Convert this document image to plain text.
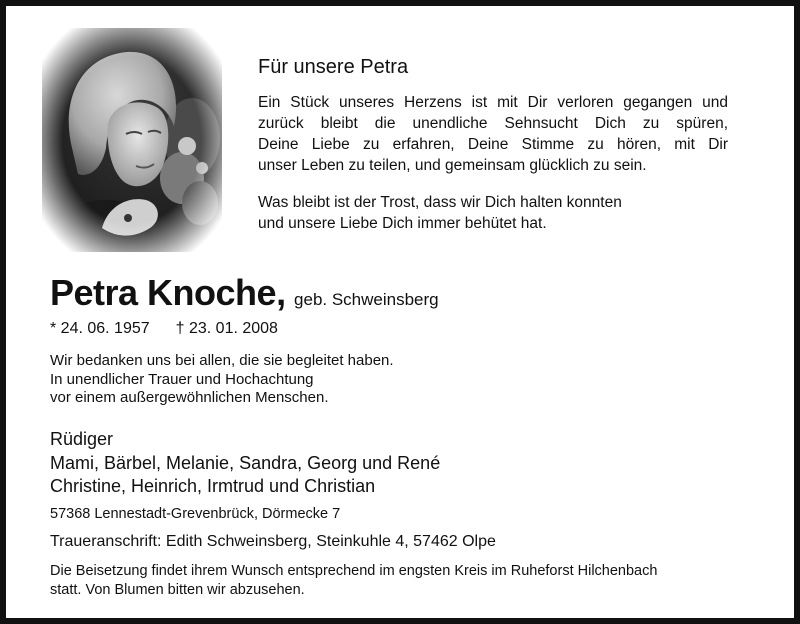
Für unsere Petra

Ein Stück unseres Herzens ist mit Dir verloren gegangen und

zurück bleibt die unendliche Sehnsucht Dich zu spüren,

Deine Liebe zu erfahren, Deine Stimme zu hören, mit Dir

unser Leben zu teilen, und gemeinsam glücklich zu sein.

Was bleibt ist der Trost, dass wir Dich halten konnten

und unsere Liebe Dich immer behütet hat.

Petra Knoche, geb. Schweinsberg
* 24. 06. 1957 † 23. 01. 2008
Wir bedanken uns bei allen, die sie begleitet haben.
In unendlicher Trauer und Hochachtung
vor einem außergewöhnlichen Menschen.
Rüdiger
Mami, Bärbel, Melanie, Sandra, Georg und René
Christine, Heinrich, Irmtrud und Christian
57368 Lennestadt-Grevenbrück, Dörmecke 7
Traueranschrift: Edith Schweinsberg, Steinkuhle 4, 57462 Olpe
Die Beisetzung findet ihrem Wunsch entsprechend im engsten Kreis im Ruheforst Hilchenbach
statt. Von Blumen bitten wir abzusehen.
